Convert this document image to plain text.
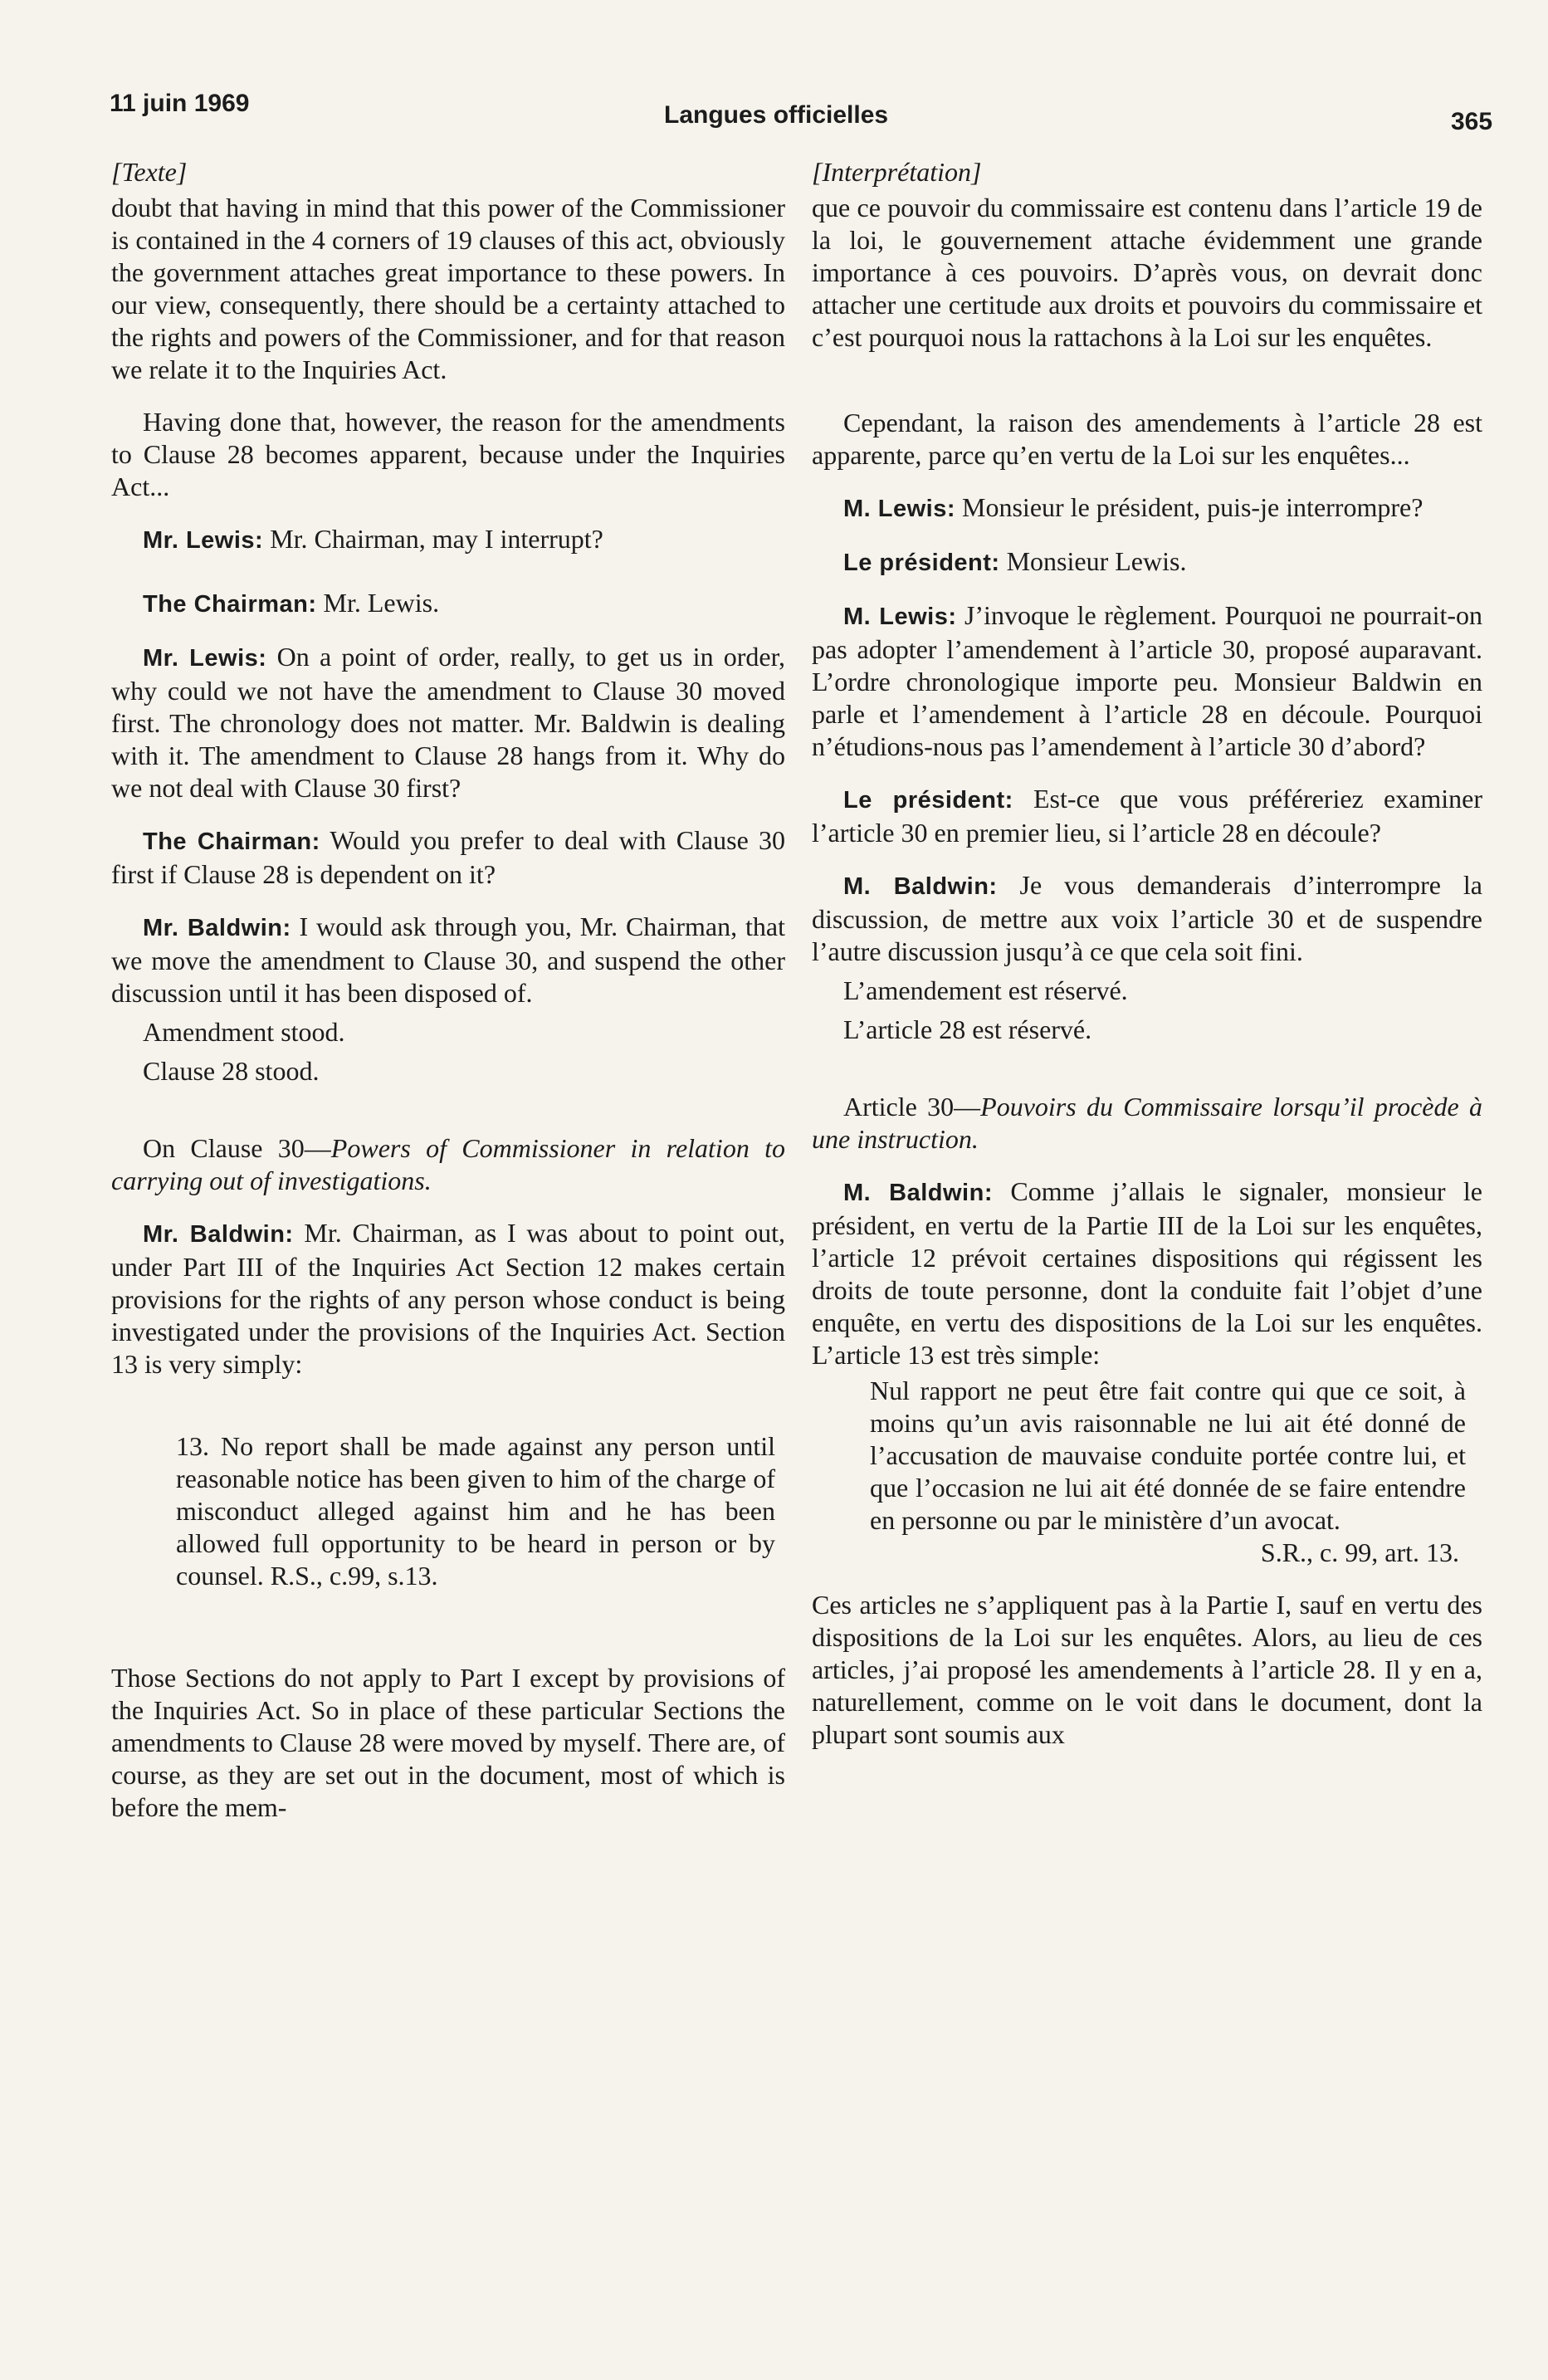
11 juin 1969	Langues officielles	365
[Texte]

doubt that having in mind that this power of the Commissioner is contained in the 4 corners of 19 clauses of this act, obviously the government attaches great importance to these powers. In our view, consequently, there should be a certainty attached to the rights and powers of the Commissioner, and for that reason we relate it to the Inquiries Act.

Having done that, however, the reason for the amendments to Clause 28 becomes apparent, because under the Inquiries Act...

Mr. Lewis: Mr. Chairman, may I interrupt?

The Chairman: Mr. Lewis.

Mr. Lewis: On a point of order, really, to get us in order, why could we not have the amendment to Clause 30 moved first. The chronology does not matter. Mr. Baldwin is dealing with it. The amendment to Clause 28 hangs from it. Why do we not deal with Clause 30 first?

The Chairman: Would you prefer to deal with Clause 30 first if Clause 28 is dependent on it?

Mr. Baldwin: I would ask through you, Mr. Chairman, that we move the amendment to Clause 30, and suspend the other discussion until it has been disposed of.

Amendment stood.
Clause 28 stood.

On Clause 30—Powers of Commissioner in relation to carrying out of investigations.

Mr. Baldwin: Mr. Chairman, as I was about to point out, under Part III of the Inquiries Act Section 12 makes certain provisions for the rights of any person whose conduct is being investigated under the provisions of the Inquiries Act. Section 13 is very simply:

13. No report shall be made against any person until reasonable notice has been given to him of the charge of misconduct alleged against him and he has been allowed full opportunity to be heard in person or by counsel. R.S., c.99, s.13.

Those Sections do not apply to Part I except by provisions of the Inquiries Act. So in place of these particular Sections the amendments to Clause 28 were moved by myself. There are, of course, as they are set out in the document, most of which is before the mem-

[Interprétation]

que ce pouvoir du commissaire est contenu dans l’article 19 de la loi, le gouvernement attache évidemment une grande importance à ces pouvoirs. D’après vous, on devrait donc attacher une certitude aux droits et pouvoirs du commissaire et c’est pourquoi nous la rattachons à la Loi sur les enquêtes.

Cependant, la raison des amendements à l’article 28 est apparente, parce qu’en vertu de la Loi sur les enquêtes...

M. Lewis: Monsieur le président, puis-je interrompre?

Le président: Monsieur Lewis.

M. Lewis: J’invoque le règlement. Pourquoi ne pourrait-on pas adopter l’amendement à l’article 30, proposé auparavant. L’ordre chronologique importe peu. Monsieur Baldwin en parle et l’amendement à l’article 28 en découle. Pourquoi n’étudions-nous pas l’amendement à l’article 30 d’abord?

Le président: Est-ce que vous préféreriez examiner l’article 30 en premier lieu, si l’article 28 en découle?

M. Baldwin: Je vous demanderais d’interrompre la discussion, de mettre aux voix l’article 30 et de suspendre l’autre discussion jusqu’à ce que cela soit fini.

L’amendement est réservé.
L’article 28 est réservé.

Article 30—Pouvoirs du Commissaire lorsqu’il procède à une instruction.

M. Baldwin: Comme j’allais le signaler, monsieur le président, en vertu de la Partie III de la Loi sur les enquêtes, l’article 12 prévoit certaines dispositions qui régissent les droits de toute personne, dont la conduite fait l’objet d’une enquête, en vertu des dispositions de la Loi sur les enquêtes. L’article 13 est très simple:

Nul rapport ne peut être fait contre qui que ce soit, à moins qu’un avis raisonnable ne lui ait été donné de l’accusation de mauvaise conduite portée contre lui, et que l’occasion ne lui ait été donnée de se faire entendre en personne ou par le ministère d’un avocat.

S.R., c. 99, art. 13.

Ces articles ne s’appliquent pas à la Partie I, sauf en vertu des dispositions de la Loi sur les enquêtes. Alors, au lieu de ces articles, j’ai proposé les amendements à l’article 28. Il y en a, naturellement, comme on le voit dans le document, dont la plupart sont soumis aux
